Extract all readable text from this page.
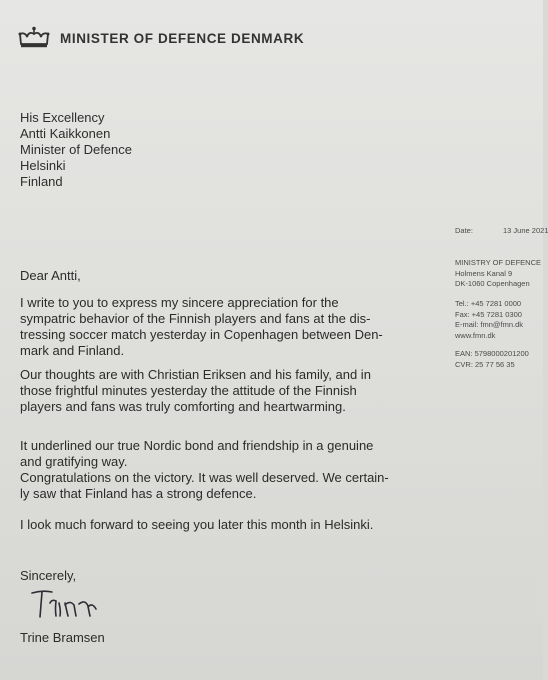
MINISTER OF DEFENCE DENMARK
His Excellency
Antti Kaikkonen
Minister of Defence
Helsinki
Finland
Date:	13 June 2021
MINISTRY OF DEFENCE
Holmens Kanal 9
DK-1060 Copenhagen
Tel.: +45 7281 0000
Fax: +45 7281 0300
E-mail: fmn@fmn.dk
www.fmn.dk
EAN: 5798000201200
CVR: 25 77 56 35
Dear Antti,
I write to you to express my sincere appreciation for the
sympatric behavior of the Finnish players and fans at the dis-
tressing soccer match yesterday in Copenhagen between Den-
mark and Finland.
Our thoughts are with Christian Eriksen and his family, and in
those frightful minutes yesterday the attitude of the Finnish
players and fans was truly comforting and heartwarming.
It underlined our true Nordic bond and friendship in a genuine
and gratifying way.
Congratulations on the victory. It was well deserved. We certain-
ly saw that Finland has a strong defence.
I look much forward to seeing you later this month in Helsinki.
Sincerely,
Trine Bramsen
